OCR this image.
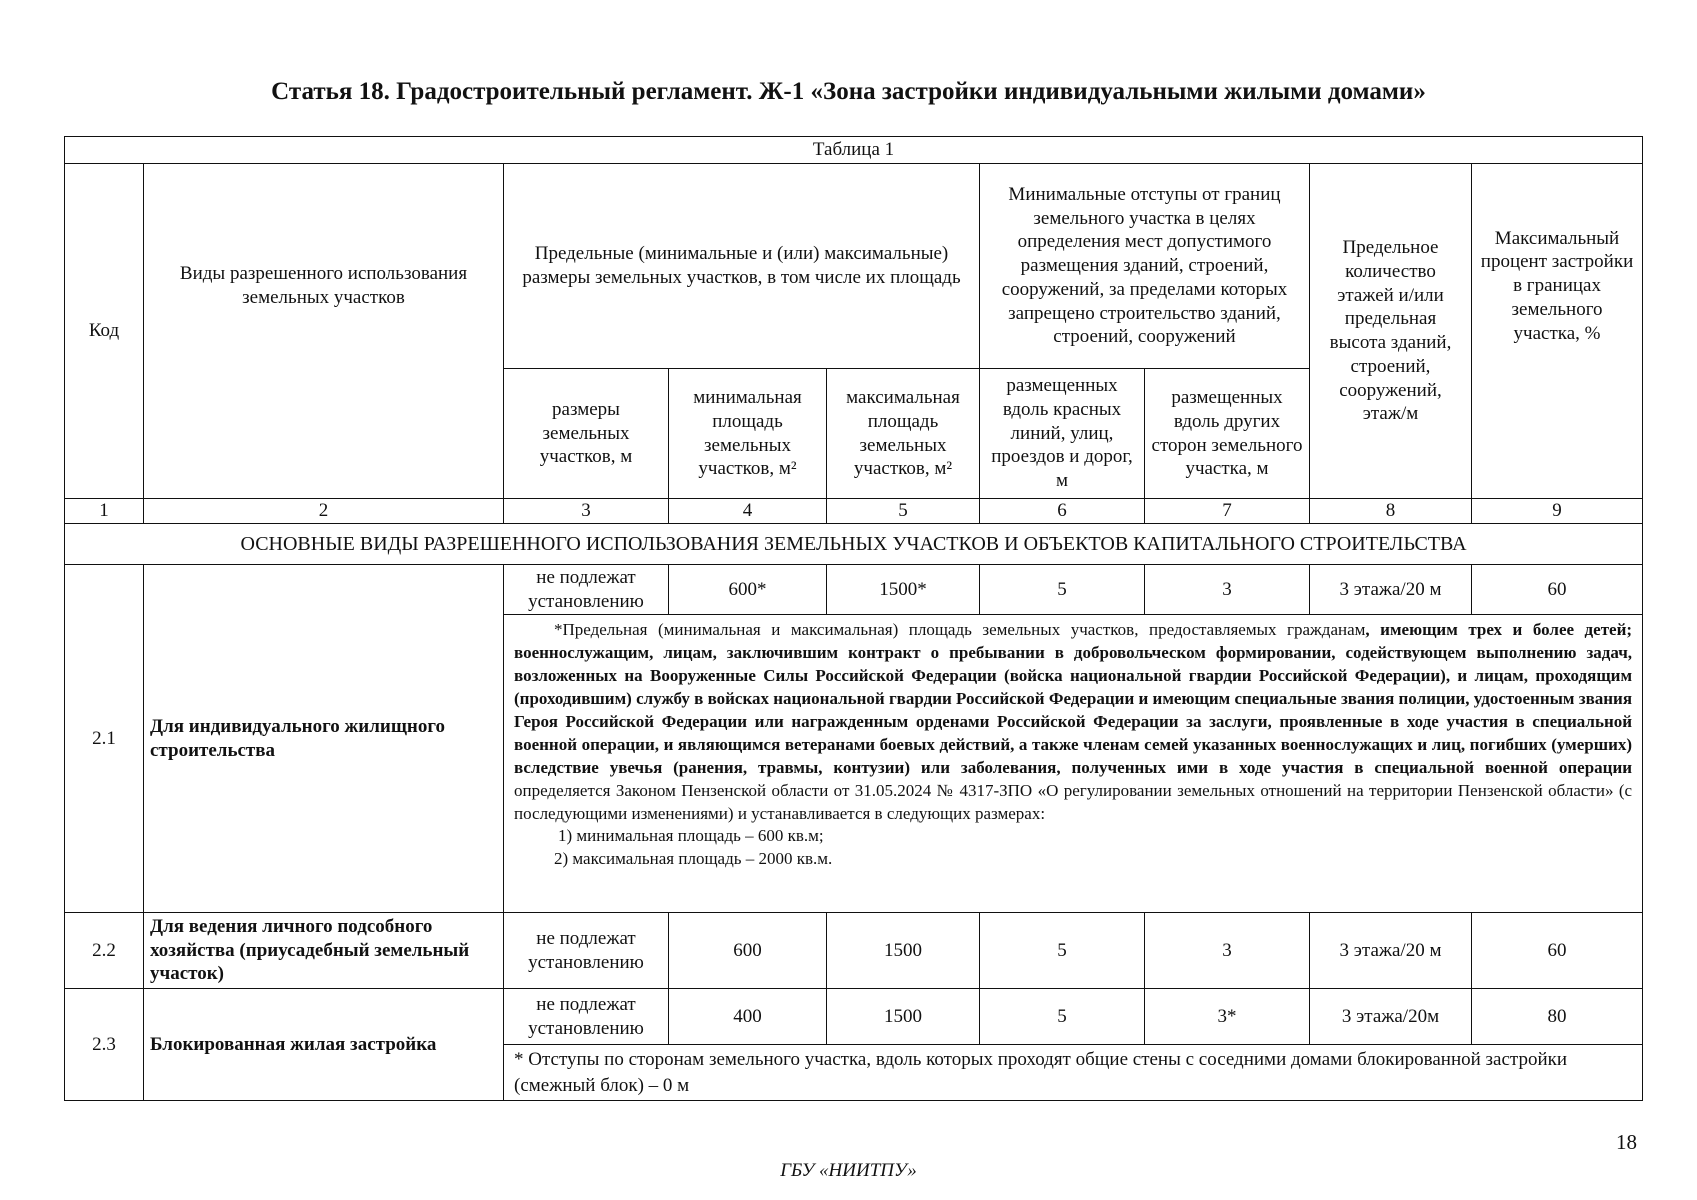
Статья 18. Градостроительный регламент. Ж-1 «Зона застройки индивидуальными жилыми домами»
Таблица 1								
Код	Виды разрешенного использования земельных участков	Предельные (минимальные и (или) максимальные) размеры земельных участков, в том числе их площадь			Минимальные отступы от границ земельного участка в целях определения мест допустимого размещения зданий, строений, сооружений, за пределами которых запрещено строительство зданий, строений, сооружений		Предельное количество этажей и/или предельная высота зданий, строений, сооружений, этаж/м	Максимальный процент застройки в границах земельного участка, %
		размеры земельных участков, м	минимальная площадь земельных участков, м²	максимальная площадь земельных участков, м²	размещенных вдоль красных линий, улиц, проездов и дорог, м	размещенных вдоль других сторон земельного участка, м		
1	2	3	4	5	6	7	8	9
ОСНОВНЫЕ ВИДЫ РАЗРЕШЕННОГО ИСПОЛЬЗОВАНИЯ ЗЕМЕЛЬНЫХ УЧАСТКОВ И ОБЪЕКТОВ КАПИТАЛЬНОГО СТРОИТЕЛЬСТВА								
2.1	Для индивидуального жилищного строительства	не подлежат установлению	600*	1500*	5	3	3 этажа/20 м	60

		*Предельная (минимальная и максимальная) площадь земельных участков, предоставляемых гражданам, имеющим трех и более детей; военнослужащим, лицам, заключившим контракт о пребывании в добровольческом формировании, содействующем выполнению задач, возложенных на Вооруженные Силы Российской Федерации (войска национальной гвардии Российской Федерации), и лицам, проходящим (проходившим) службу в войсках национальной гвардии Российской Федерации и имеющим специальные звания полиции, удостоенным звания Героя Российской Федерации или награжденным орденами Российской Федерации за заслуги, проявленные в ходе участия в специальной военной операции, и являющимся ветеранами боевых действий, а также членам семей указанных военнослужащих и лиц, погибших (умерших) вследствие увечья (ранения, травмы, контузии) или заболевания, полученных ими в ходе участия в специальной военной операции определяется Законом Пензенской области от 31.05.2024 № 4317-ЗПО «О регулировании земельных отношений на территории Пензенской области» (с последующими изменениями) и устанавливается в следующих размерах:

1) минимальная площадь – 600 кв.м;

2) максимальная площадь – 2000 кв.м.						

2.2	Для ведения личного подсобного хозяйства (приусадебный земельный участок)	не подлежат установлению	600	1500	5	3	3 этажа/20 м	60
2.3	Блокированная жилая застройка	не подлежат установлению	400	1500	5	3*	3 этажа/20м	80
		* Отступы по сторонам земельного участка, вдоль которых проходят общие стены с соседними домами блокированной застройки (смежный блок) – 0 м						
18
ГБУ «НИИТПУ»
